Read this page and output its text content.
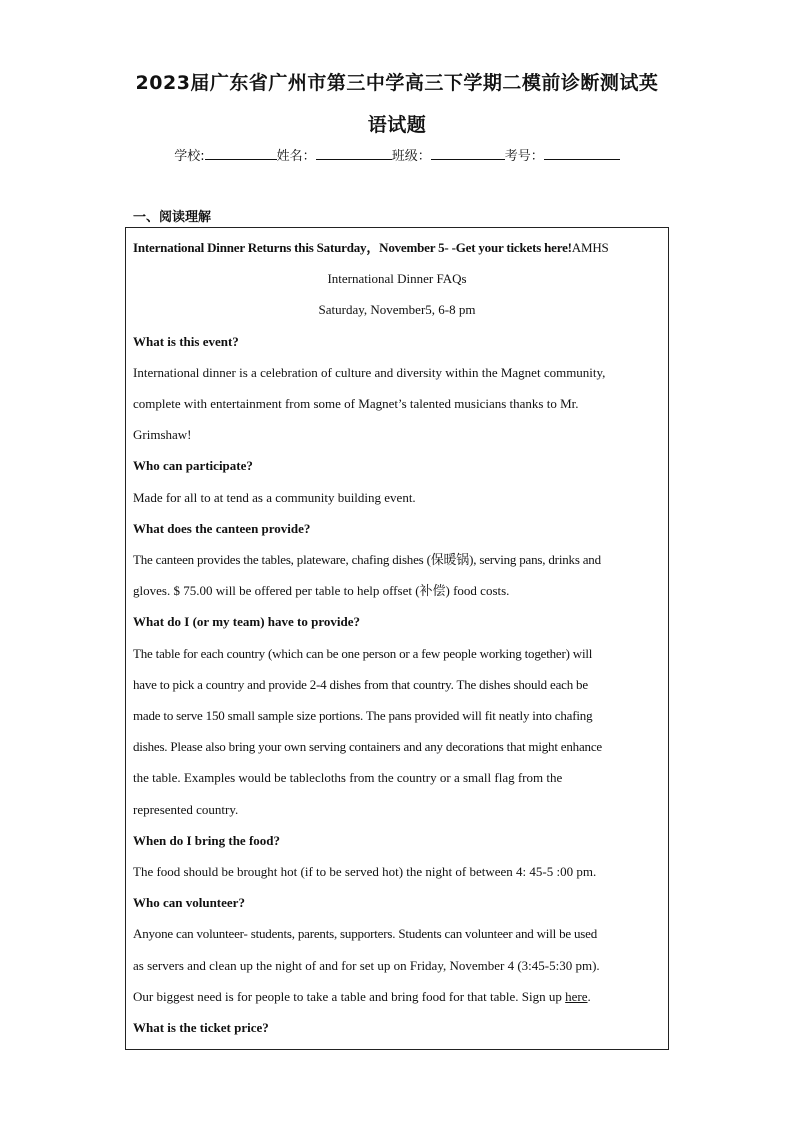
2023届广东省广州市第三中学高三下学期二模前诊断测试英
语试题
学校:	姓名：	班级：	考号：
一、阅读理解
International Dinner Returns this Saturday，November 5- -Get your tickets here!AMHS
International Dinner FAQs
Saturday, November5, 6-8 pm
What is this event?
International dinner is a celebration of culture and diversity within the Magnet community,
complete with entertainment from some of Magnet’s talented musicians thanks to Mr.
Grimshaw!
Who can participate?
Made for all to at tend as a community building event.
What does the canteen provide?
The canteen provides the tables, plateware, chafing dishes (保暖锅), serving pans, drinks and
gloves. $ 75.00 will be offered per table to help offset (补偿) food costs.
What do I (or my team) have to provide?
The table for each country (which can be one person or a few people working together) will
have to pick a country and provide 2-4 dishes from that country. The dishes should each be
made to serve 150 small sample size portions. The pans provided will fit neatly into chafing
dishes. Please also bring your own serving containers and any decorations that might enhance
the table. Examples would be tablecloths from the country or a small flag from the
represented country.
When do I bring the food?
The food should be brought hot (if to be served hot) the night of between 4: 45-5 :00 pm.
Who can volunteer?
Anyone can volunteer- students, parents, supporters. Students can volunteer and will be used
as servers and clean up the night of and for set up on Friday, November 4 (3:45-5:30 pm).
Our biggest need is for people to take a table and bring food for that table. Sign up here.
What is the ticket price?
